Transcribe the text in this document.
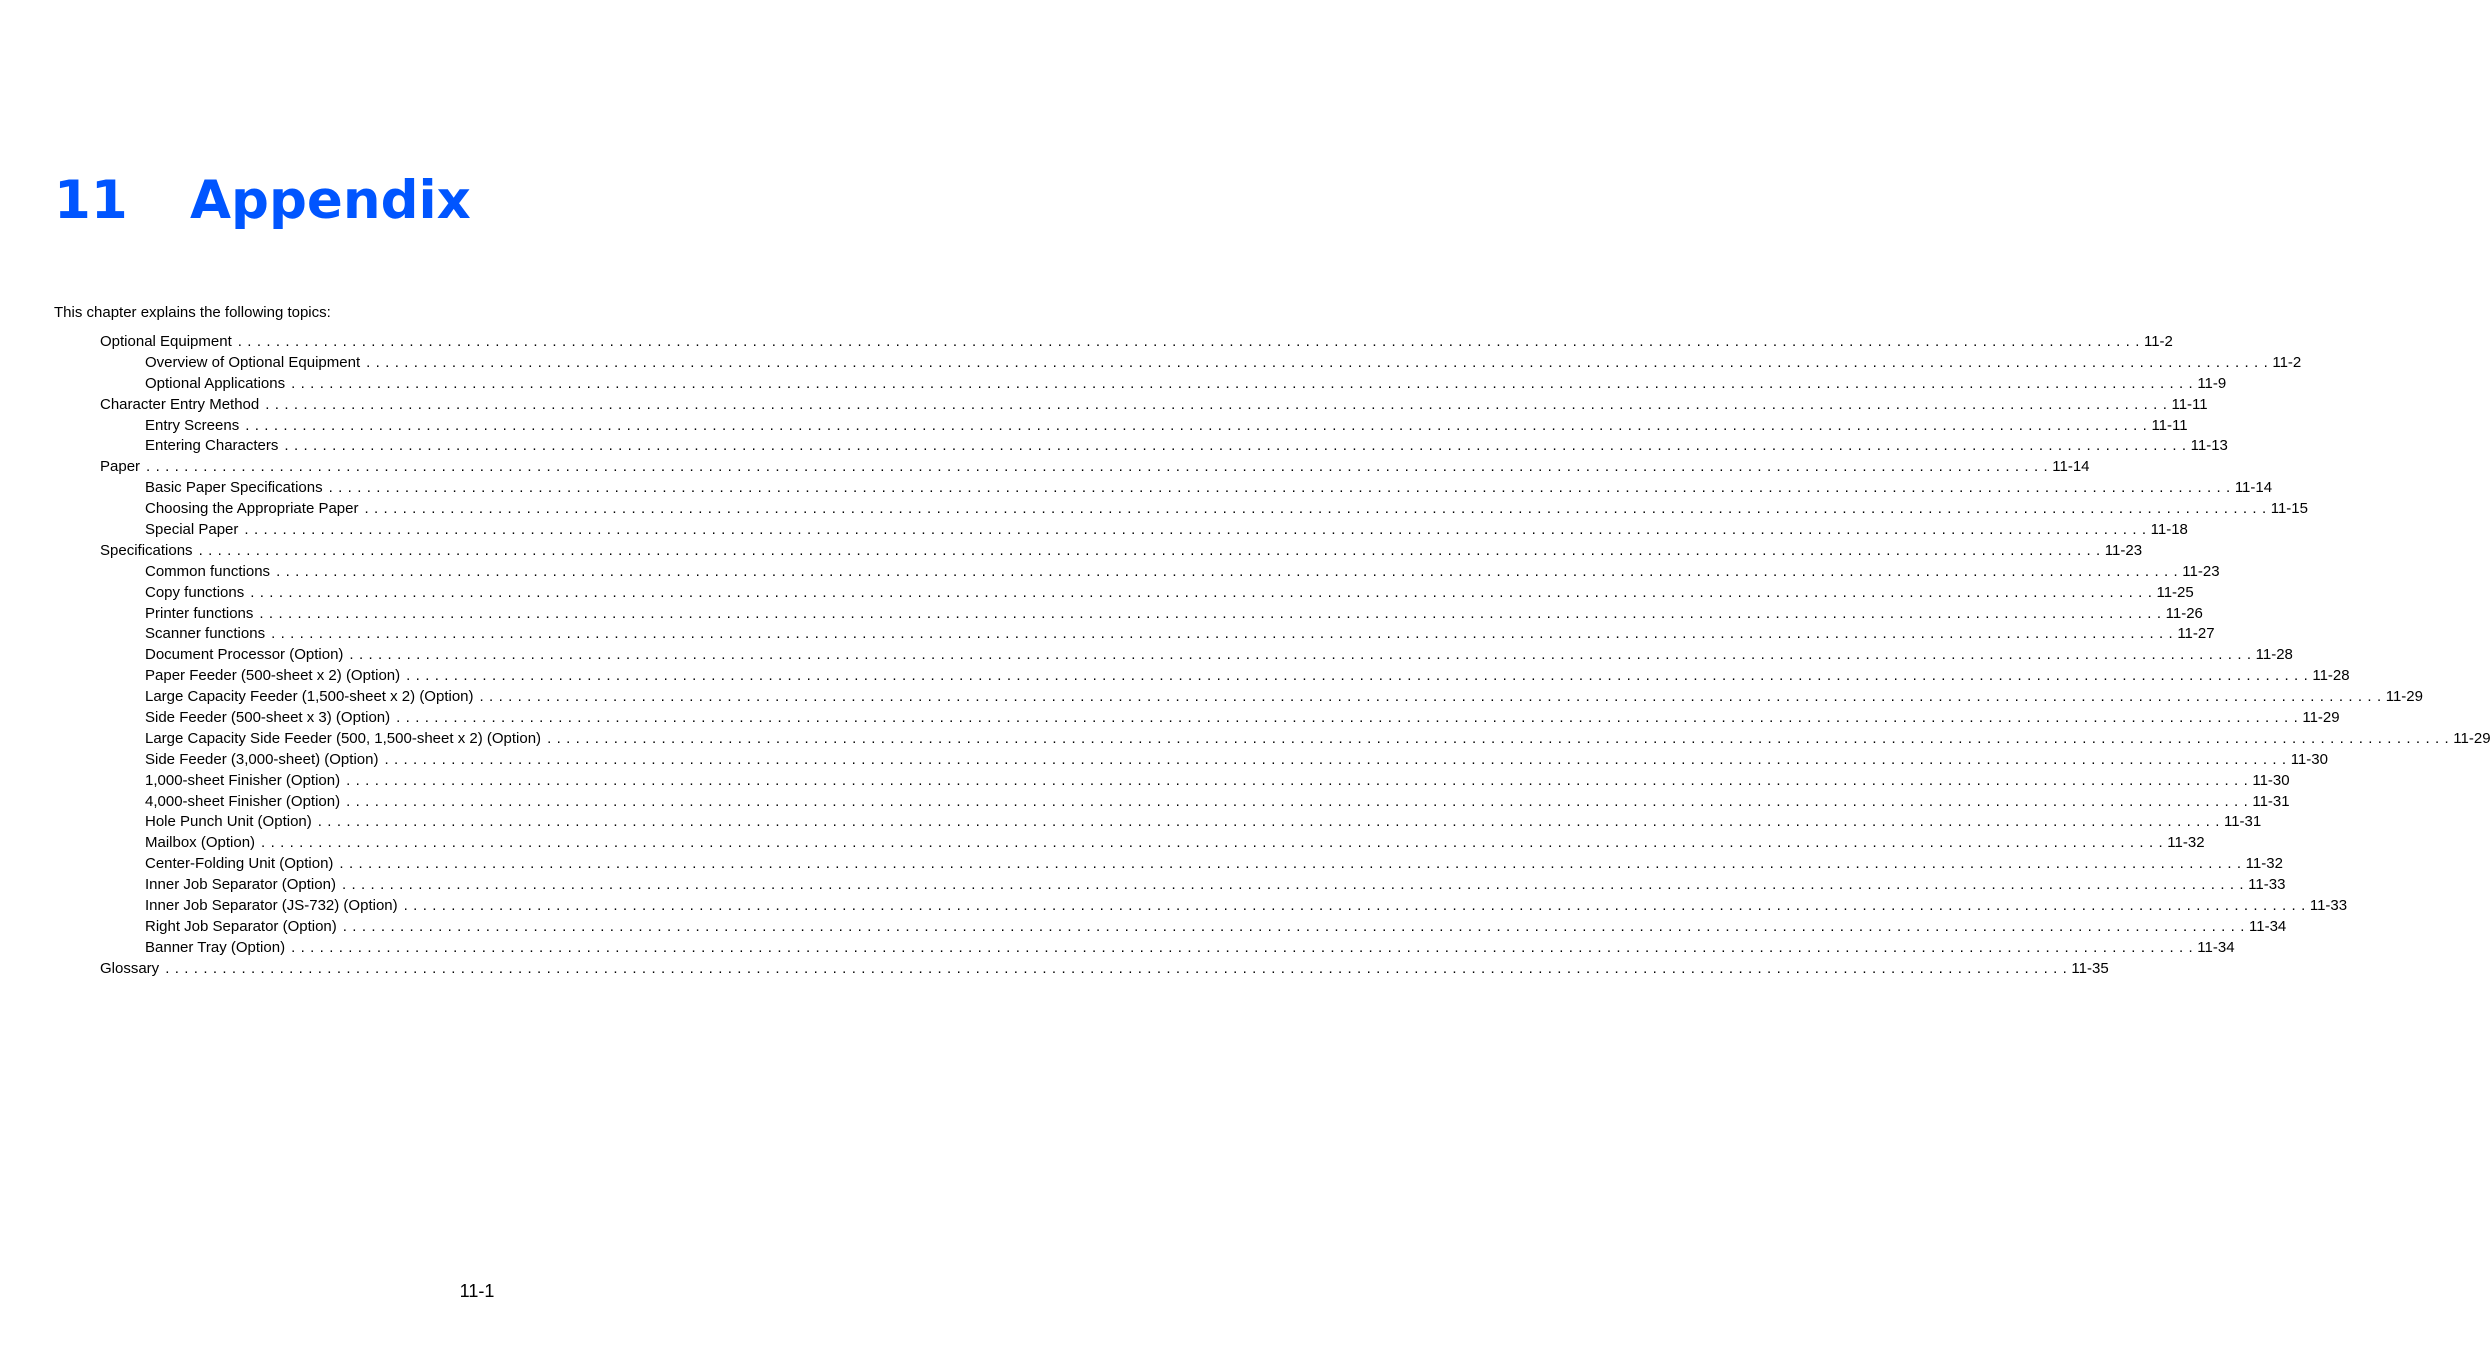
11 Appendix
This chapter explains the following topics:
Optional Equipment . . . . . . . . . . . . . . . . . . . . . . . . . . . . . . . . . . . . . . . . . . . . . . . . . . . . . . . . . . . . . . . . . . . . . . . . . . . . . . . . . . . . . . . . . . . . . . . . . . . . . . . . . . . . . . . . . . . . . . . . . . . . . . . . . . . . . . . . . . . . . . . . . . . . . . . . . . . . . . . . . . . . . . . . . . . . . . . . . . . . . . . . . . . . . . . . . . . . . . . . 11-2
Overview of Optional Equipment . . . . . . . . . . . . . . . . . . . . . . . . . . . . . . . . . . . . . . . . . . . . . . . . . . . . . . . . . . . . . . . . . . . . . . . . . . . . . . . . . . . . . . . . . . . . . . . . . . . . . . . . . . . . . . . . . . . . . . . . . . . . . . . . . . . . . . . . . . . . . . . . . . . . . . . . . . . . . . . . . . . . . . . . . . . . . . . . . . . . . . . . . . . . . . . . . . . . . . . . 11-2
Optional Applications . . . . . . . . . . . . . . . . . . . . . . . . . . . . . . . . . . . . . . . . . . . . . . . . . . . . . . . . . . . . . . . . . . . . . . . . . . . . . . . . . . . . . . . . . . . . . . . . . . . . . . . . . . . . . . . . . . . . . . . . . . . . . . . . . . . . . . . . . . . . . . . . . . . . . . . . . . . . . . . . . . . . . . . . . . . . . . . . . . . . . . . . . . . . . . . . . . . . . . . . 11-9
Character Entry Method . . . . . . . . . . . . . . . . . . . . . . . . . . . . . . . . . . . . . . . . . . . . . . . . . . . . . . . . . . . . . . . . . . . . . . . . . . . . . . . . . . . . . . . . . . . . . . . . . . . . . . . . . . . . . . . . . . . . . . . . . . . . . . . . . . . . . . . . . . . . . . . . . . . . . . . . . . . . . . . . . . . . . . . . . . . . . . . . . . . . . . . . . . . . . . . . . . . . . . . . 11-11
Entry Screens . . . . . . . . . . . . . . . . . . . . . . . . . . . . . . . . . . . . . . . . . . . . . . . . . . . . . . . . . . . . . . . . . . . . . . . . . . . . . . . . . . . . . . . . . . . . . . . . . . . . . . . . . . . . . . . . . . . . . . . . . . . . . . . . . . . . . . . . . . . . . . . . . . . . . . . . . . . . . . . . . . . . . . . . . . . . . . . . . . . . . . . . . . . . . . . . . . . . . . . . 11-11
Entering Characters . . . . . . . . . . . . . . . . . . . . . . . . . . . . . . . . . . . . . . . . . . . . . . . . . . . . . . . . . . . . . . . . . . . . . . . . . . . . . . . . . . . . . . . . . . . . . . . . . . . . . . . . . . . . . . . . . . . . . . . . . . . . . . . . . . . . . . . . . . . . . . . . . . . . . . . . . . . . . . . . . . . . . . . . . . . . . . . . . . . . . . . . . . . . . . . . . . . . . . . . 11-13
Paper . . . . . . . . . . . . . . . . . . . . . . . . . . . . . . . . . . . . . . . . . . . . . . . . . . . . . . . . . . . . . . . . . . . . . . . . . . . . . . . . . . . . . . . . . . . . . . . . . . . . . . . . . . . . . . . . . . . . . . . . . . . . . . . . . . . . . . . . . . . . . . . . . . . . . . . . . . . . . . . . . . . . . . . . . . . . . . . . . . . . . . . . . . . . . . . . . . . . . . . . 11-14
Basic Paper Specifications . . . . . . . . . . . . . . . . . . . . . . . . . . . . . . . . . . . . . . . . . . . . . . . . . . . . . . . . . . . . . . . . . . . . . . . . . . . . . . . . . . . . . . . . . . . . . . . . . . . . . . . . . . . . . . . . . . . . . . . . . . . . . . . . . . . . . . . . . . . . . . . . . . . . . . . . . . . . . . . . . . . . . . . . . . . . . . . . . . . . . . . . . . . . . . . . . . . . . . . . 11-14
Choosing the Appropriate Paper . . . . . . . . . . . . . . . . . . . . . . . . . . . . . . . . . . . . . . . . . . . . . . . . . . . . . . . . . . . . . . . . . . . . . . . . . . . . . . . . . . . . . . . . . . . . . . . . . . . . . . . . . . . . . . . . . . . . . . . . . . . . . . . . . . . . . . . . . . . . . . . . . . . . . . . . . . . . . . . . . . . . . . . . . . . . . . . . . . . . . . . . . . . . . . . . . . . . . . . . 11-15
Special Paper . . . . . . . . . . . . . . . . . . . . . . . . . . . . . . . . . . . . . . . . . . . . . . . . . . . . . . . . . . . . . . . . . . . . . . . . . . . . . . . . . . . . . . . . . . . . . . . . . . . . . . . . . . . . . . . . . . . . . . . . . . . . . . . . . . . . . . . . . . . . . . . . . . . . . . . . . . . . . . . . . . . . . . . . . . . . . . . . . . . . . . . . . . . . . . . . . . . . . . . . 11-18
Specifications . . . . . . . . . . . . . . . . . . . . . . . . . . . . . . . . . . . . . . . . . . . . . . . . . . . . . . . . . . . . . . . . . . . . . . . . . . . . . . . . . . . . . . . . . . . . . . . . . . . . . . . . . . . . . . . . . . . . . . . . . . . . . . . . . . . . . . . . . . . . . . . . . . . . . . . . . . . . . . . . . . . . . . . . . . . . . . . . . . . . . . . . . . . . . . . . . . . . . . . . 11-23
Common functions . . . . . . . . . . . . . . . . . . . . . . . . . . . . . . . . . . . . . . . . . . . . . . . . . . . . . . . . . . . . . . . . . . . . . . . . . . . . . . . . . . . . . . . . . . . . . . . . . . . . . . . . . . . . . . . . . . . . . . . . . . . . . . . . . . . . . . . . . . . . . . . . . . . . . . . . . . . . . . . . . . . . . . . . . . . . . . . . . . . . . . . . . . . . . . . . . . . . . . . . 11-23
Copy functions . . . . . . . . . . . . . . . . . . . . . . . . . . . . . . . . . . . . . . . . . . . . . . . . . . . . . . . . . . . . . . . . . . . . . . . . . . . . . . . . . . . . . . . . . . . . . . . . . . . . . . . . . . . . . . . . . . . . . . . . . . . . . . . . . . . . . . . . . . . . . . . . . . . . . . . . . . . . . . . . . . . . . . . . . . . . . . . . . . . . . . . . . . . . . . . . . . . . . . . . 11-25
Printer functions . . . . . . . . . . . . . . . . . . . . . . . . . . . . . . . . . . . . . . . . . . . . . . . . . . . . . . . . . . . . . . . . . . . . . . . . . . . . . . . . . . . . . . . . . . . . . . . . . . . . . . . . . . . . . . . . . . . . . . . . . . . . . . . . . . . . . . . . . . . . . . . . . . . . . . . . . . . . . . . . . . . . . . . . . . . . . . . . . . . . . . . . . . . . . . . . . . . . . . . . 11-26
Scanner functions . . . . . . . . . . . . . . . . . . . . . . . . . . . . . . . . . . . . . . . . . . . . . . . . . . . . . . . . . . . . . . . . . . . . . . . . . . . . . . . . . . . . . . . . . . . . . . . . . . . . . . . . . . . . . . . . . . . . . . . . . . . . . . . . . . . . . . . . . . . . . . . . . . . . . . . . . . . . . . . . . . . . . . . . . . . . . . . . . . . . . . . . . . . . . . . . . . . . . . . . 11-27
Document Processor (Option) . . . . . . . . . . . . . . . . . . . . . . . . . . . . . . . . . . . . . . . . . . . . . . . . . . . . . . . . . . . . . . . . . . . . . . . . . . . . . . . . . . . . . . . . . . . . . . . . . . . . . . . . . . . . . . . . . . . . . . . . . . . . . . . . . . . . . . . . . . . . . . . . . . . . . . . . . . . . . . . . . . . . . . . . . . . . . . . . . . . . . . . . . . . . . . . . . . . . . . . . 11-28
Paper Feeder (500-sheet x 2) (Option) . . . . . . . . . . . . . . . . . . . . . . . . . . . . . . . . . . . . . . . . . . . . . . . . . . . . . . . . . . . . . . . . . . . . . . . . . . . . . . . . . . . . . . . . . . . . . . . . . . . . . . . . . . . . . . . . . . . . . . . . . . . . . . . . . . . . . . . . . . . . . . . . . . . . . . . . . . . . . . . . . . . . . . . . . . . . . . . . . . . . . . . . . . . . . . . . . . . . . . . . 11-28
Large Capacity Feeder (1,500-sheet x 2) (Option) . . . . . . . . . . . . . . . . . . . . . . . . . . . . . . . . . . . . . . . . . . . . . . . . . . . . . . . . . . . . . . . . . . . . . . . . . . . . . . . . . . . . . . . . . . . . . . . . . . . . . . . . . . . . . . . . . . . . . . . . . . . . . . . . . . . . . . . . . . . . . . . . . . . . . . . . . . . . . . . . . . . . . . . . . . . . . . . . . . . . . . . . . . . . . . . . . . . . . . . . 11-29
Side Feeder (500-sheet x 3) (Option) . . . . . . . . . . . . . . . . . . . . . . . . . . . . . . . . . . . . . . . . . . . . . . . . . . . . . . . . . . . . . . . . . . . . . . . . . . . . . . . . . . . . . . . . . . . . . . . . . . . . . . . . . . . . . . . . . . . . . . . . . . . . . . . . . . . . . . . . . . . . . . . . . . . . . . . . . . . . . . . . . . . . . . . . . . . . . . . . . . . . . . . . . . . . . . . . . . . . . . . . 11-29
Large Capacity Side Feeder (500, 1,500-sheet x 2) (Option) . . . . . . . . . . . . . . . . . . . . . . . . . . . . . . . . . . . . . . . . . . . . . . . . . . . . . . . . . . . . . . . . . . . . . . . . . . . . . . . . . . . . . . . . . . . . . . . . . . . . . . . . . . . . . . . . . . . . . . . . . . . . . . . . . . . . . . . . . . . . . . . . . . . . . . . . . . . . . . . . . . . . . . . . . . . . . . . . . . . . . . . . . . . . . . . . . . . . . . . . 11-29
Side Feeder (3,000-sheet) (Option) . . . . . . . . . . . . . . . . . . . . . . . . . . . . . . . . . . . . . . . . . . . . . . . . . . . . . . . . . . . . . . . . . . . . . . . . . . . . . . . . . . . . . . . . . . . . . . . . . . . . . . . . . . . . . . . . . . . . . . . . . . . . . . . . . . . . . . . . . . . . . . . . . . . . . . . . . . . . . . . . . . . . . . . . . . . . . . . . . . . . . . . . . . . . . . . . . . . . . . . . 11-30
1,000-sheet Finisher (Option) . . . . . . . . . . . . . . . . . . . . . . . . . . . . . . . . . . . . . . . . . . . . . . . . . . . . . . . . . . . . . . . . . . . . . . . . . . . . . . . . . . . . . . . . . . . . . . . . . . . . . . . . . . . . . . . . . . . . . . . . . . . . . . . . . . . . . . . . . . . . . . . . . . . . . . . . . . . . . . . . . . . . . . . . . . . . . . . . . . . . . . . . . . . . . . . . . . . . . . . . 11-30
4,000-sheet Finisher (Option) . . . . . . . . . . . . . . . . . . . . . . . . . . . . . . . . . . . . . . . . . . . . . . . . . . . . . . . . . . . . . . . . . . . . . . . . . . . . . . . . . . . . . . . . . . . . . . . . . . . . . . . . . . . . . . . . . . . . . . . . . . . . . . . . . . . . . . . . . . . . . . . . . . . . . . . . . . . . . . . . . . . . . . . . . . . . . . . . . . . . . . . . . . . . . . . . . . . . . . . . 11-31
Hole Punch Unit (Option) . . . . . . . . . . . . . . . . . . . . . . . . . . . . . . . . . . . . . . . . . . . . . . . . . . . . . . . . . . . . . . . . . . . . . . . . . . . . . . . . . . . . . . . . . . . . . . . . . . . . . . . . . . . . . . . . . . . . . . . . . . . . . . . . . . . . . . . . . . . . . . . . . . . . . . . . . . . . . . . . . . . . . . . . . . . . . . . . . . . . . . . . . . . . . . . . . . . . . . . . 11-31
Mailbox (Option) . . . . . . . . . . . . . . . . . . . . . . . . . . . . . . . . . . . . . . . . . . . . . . . . . . . . . . . . . . . . . . . . . . . . . . . . . . . . . . . . . . . . . . . . . . . . . . . . . . . . . . . . . . . . . . . . . . . . . . . . . . . . . . . . . . . . . . . . . . . . . . . . . . . . . . . . . . . . . . . . . . . . . . . . . . . . . . . . . . . . . . . . . . . . . . . . . . . . . . . . 11-32
Center-Folding Unit (Option) . . . . . . . . . . . . . . . . . . . . . . . . . . . . . . . . . . . . . . . . . . . . . . . . . . . . . . . . . . . . . . . . . . . . . . . . . . . . . . . . . . . . . . . . . . . . . . . . . . . . . . . . . . . . . . . . . . . . . . . . . . . . . . . . . . . . . . . . . . . . . . . . . . . . . . . . . . . . . . . . . . . . . . . . . . . . . . . . . . . . . . . . . . . . . . . . . . . . . . . . 11-32
Inner Job Separator (Option) . . . . . . . . . . . . . . . . . . . . . . . . . . . . . . . . . . . . . . . . . . . . . . . . . . . . . . . . . . . . . . . . . . . . . . . . . . . . . . . . . . . . . . . . . . . . . . . . . . . . . . . . . . . . . . . . . . . . . . . . . . . . . . . . . . . . . . . . . . . . . . . . . . . . . . . . . . . . . . . . . . . . . . . . . . . . . . . . . . . . . . . . . . . . . . . . . . . . . . . . 11-33
Inner Job Separator (JS-732) (Option) . . . . . . . . . . . . . . . . . . . . . . . . . . . . . . . . . . . . . . . . . . . . . . . . . . . . . . . . . . . . . . . . . . . . . . . . . . . . . . . . . . . . . . . . . . . . . . . . . . . . . . . . . . . . . . . . . . . . . . . . . . . . . . . . . . . . . . . . . . . . . . . . . . . . . . . . . . . . . . . . . . . . . . . . . . . . . . . . . . . . . . . . . . . . . . . . . . . . . . . . 11-33
Right Job Separator (Option) . . . . . . . . . . . . . . . . . . . . . . . . . . . . . . . . . . . . . . . . . . . . . . . . . . . . . . . . . . . . . . . . . . . . . . . . . . . . . . . . . . . . . . . . . . . . . . . . . . . . . . . . . . . . . . . . . . . . . . . . . . . . . . . . . . . . . . . . . . . . . . . . . . . . . . . . . . . . . . . . . . . . . . . . . . . . . . . . . . . . . . . . . . . . . . . . . . . . . . . . 11-34
Banner Tray (Option) . . . . . . . . . . . . . . . . . . . . . . . . . . . . . . . . . . . . . . . . . . . . . . . . . . . . . . . . . . . . . . . . . . . . . . . . . . . . . . . . . . . . . . . . . . . . . . . . . . . . . . . . . . . . . . . . . . . . . . . . . . . . . . . . . . . . . . . . . . . . . . . . . . . . . . . . . . . . . . . . . . . . . . . . . . . . . . . . . . . . . . . . . . . . . . . . . . . . . . . . 11-34
Glossary . . . . . . . . . . . . . . . . . . . . . . . . . . . . . . . . . . . . . . . . . . . . . . . . . . . . . . . . . . . . . . . . . . . . . . . . . . . . . . . . . . . . . . . . . . . . . . . . . . . . . . . . . . . . . . . . . . . . . . . . . . . . . . . . . . . . . . . . . . . . . . . . . . . . . . . . . . . . . . . . . . . . . . . . . . . . . . . . . . . . . . . . . . . . . . . . . . . . . . . . 11-35
11-1
